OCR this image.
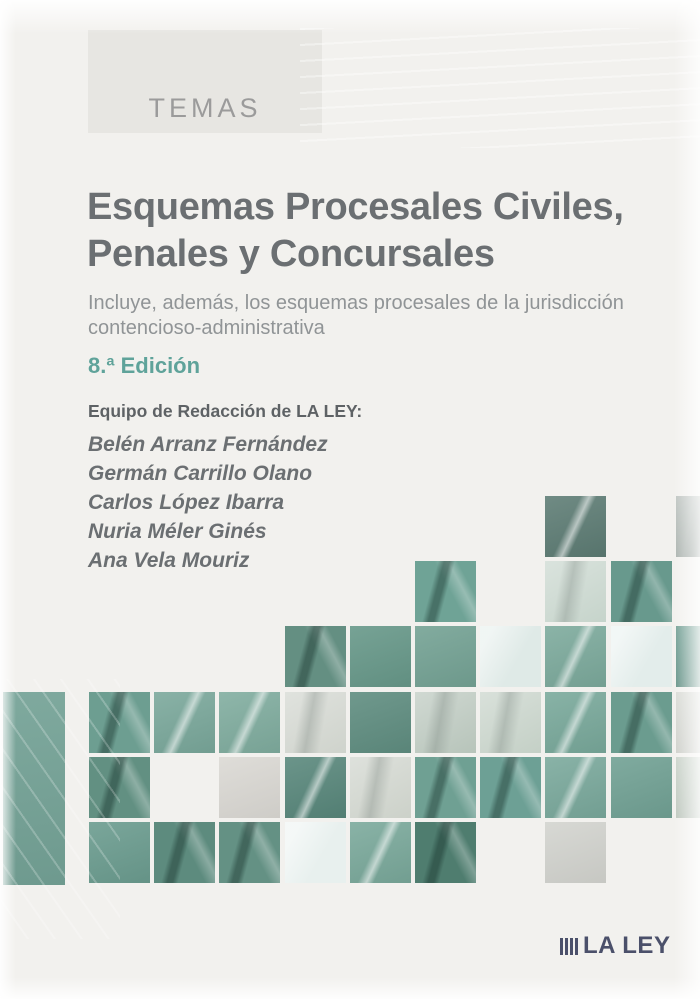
TEMAS
Esquemas Procesales Civiles,
Penales y Concursales
Incluye, además, los esquemas procesales de la jurisdicción
contencioso-administrativa
8.ª Edición
Equipo de Redacción de LA LEY:
Belén Arranz Fernández
Germán Carrillo Olano
Carlos López Ibarra
Nuria Méler Ginés
Ana Vela Mouriz
LA LEY
